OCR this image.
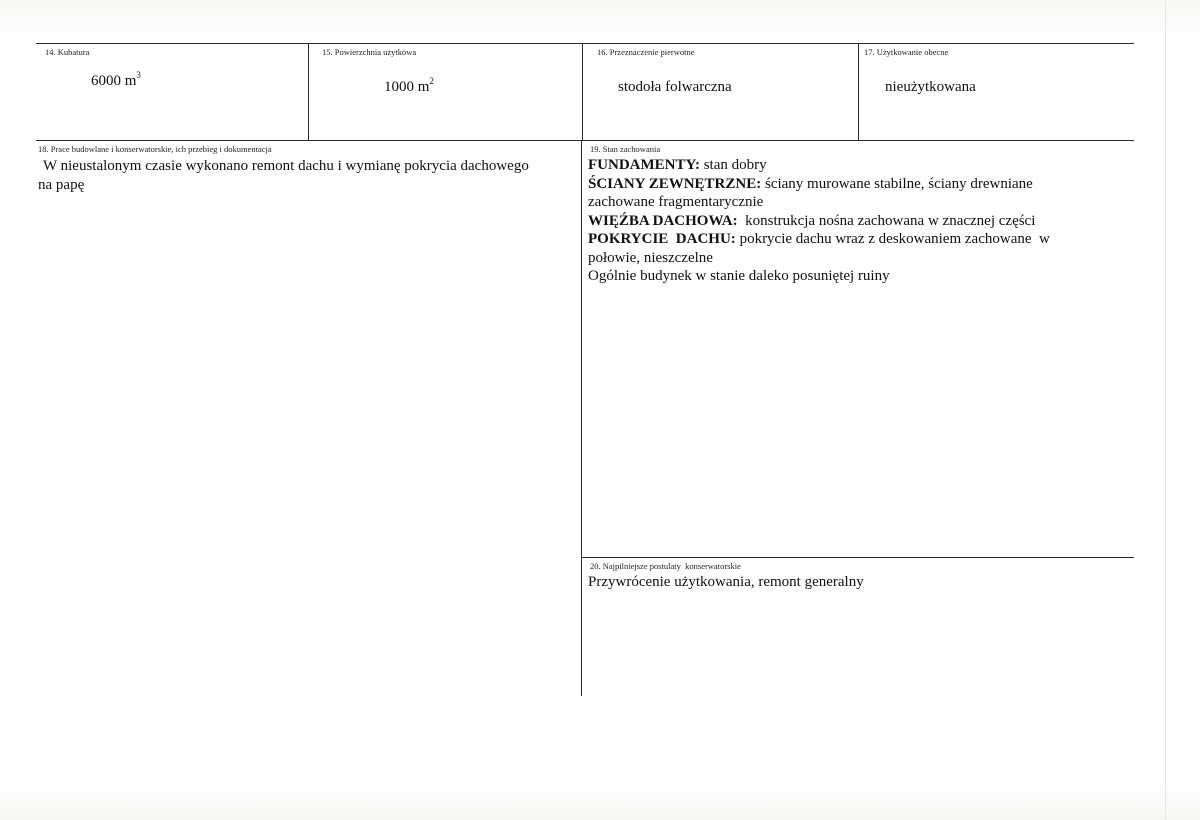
14. Kubatura
6000 $m^3$
15. Powierzchnia użytkowa
1000 $m^2$
16. Przeznaczenie pierwotne
stodoła folwarczna
17. Użytkowanie obecne
nieużytkowana
18. Prace budowlane i konserwatorskie, ich przebieg i dokumentacja
W nieustalonym czasie wykonano remont dachu i wymianę pokrycia dachowego
na papę
19. Stan zachowania
FUNDAMENTY: stan dobry
ŚCIANY ZEWNĘTRZNE: ściany murowane stabilne, ściany drewniane
zachowane fragmentarycznie
WIĘŹBA DACHOWA:  konstrukcja nośna zachowana w znacznej części
POKRYCIE  DACHU: pokrycie dachu wraz z deskowaniem zachowane  w
połowie, nieszczelne
Ogólnie budynek w stanie daleko posuniętej ruiny
20. Najpilniejsze postulaty  konserwatorskie
Przywrócenie użytkowania, remont generalny
